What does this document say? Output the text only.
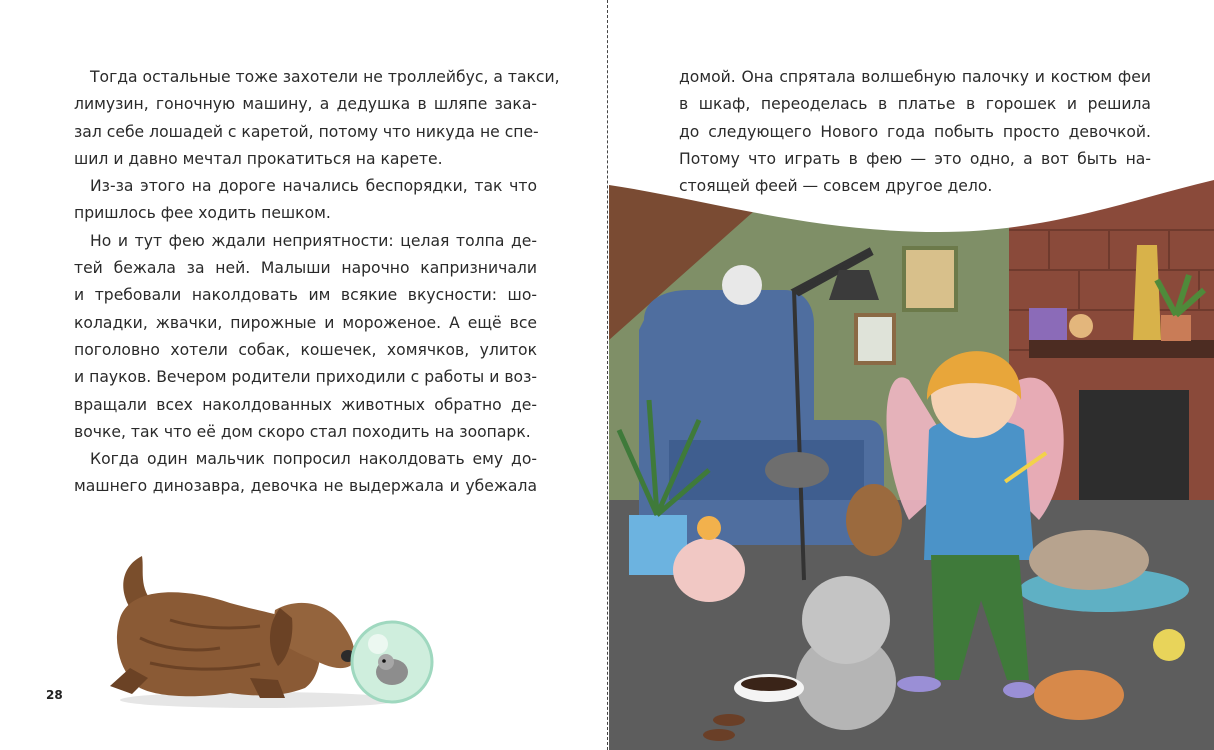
Тогда остальные тоже захотели не троллейбус, а такси,
лимузин, гоночную машину, а дедушка в шляпе зака-
зал себе лошадей с каретой, потому что никуда не спе-
шил и давно мечтал прокатиться на карете.
Из-за этого на дороге начались беспорядки, так что
пришлось фее ходить пешком.
Но и тут фею ждали неприятности: целая толпа де-
тей бежала за ней. Малыши нарочно капризничали
и требовали наколдовать им всякие вкусности: шо-
коладки, жвачки, пирожные и мороженое. А ещё все
поголовно хотели собак, кошечек, хомячков, улиток
и пауков. Вечером родители приходили с работы и воз-
вращали всех наколдованных животных обратно де-
вочке, так что её дом скоро стал походить на зоопарк.
Когда один мальчик попросил наколдовать ему до-
машнего динозавра, девочка не выдержала и убежала
28
домой. Она спрятала волшебную палочку и костюм феи
в шкаф, переоделась в платье в горошек и решила
до следующего Нового года побыть просто девочкой.
Потому что играть в фею — это одно, а вот быть на-
стоящей феей — совсем другое дело.
